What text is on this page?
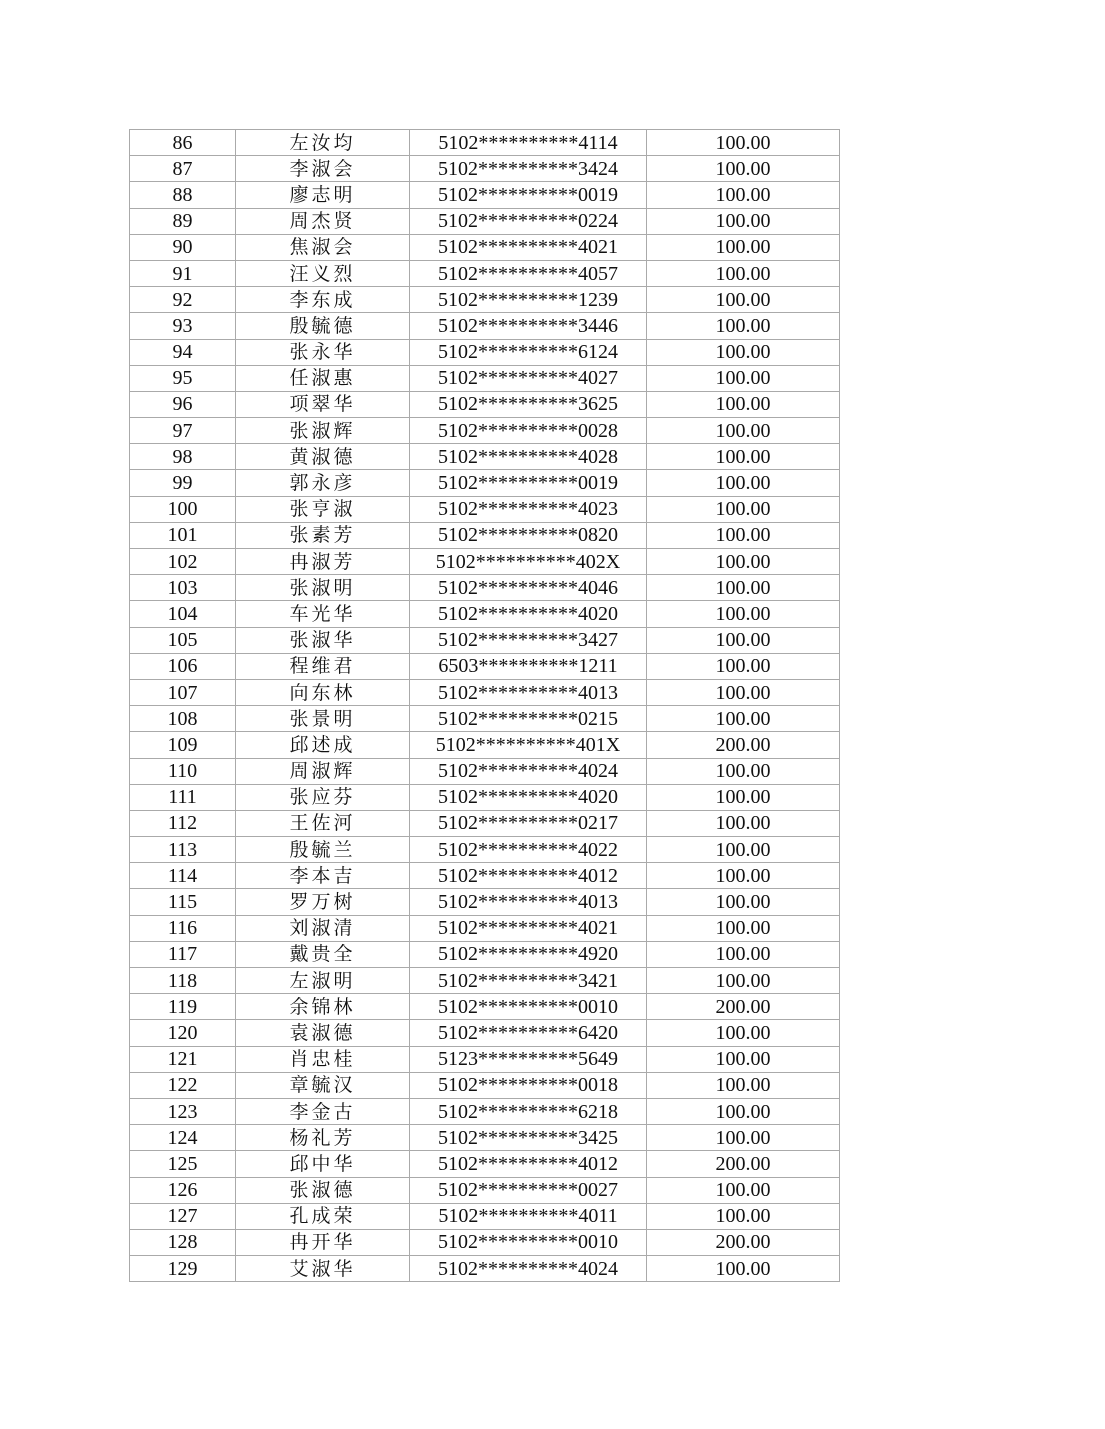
86	左汝均	5102**********4114	100.00
87	李淑会	5102**********3424	100.00
88	廖志明	5102**********0019	100.00
89	周杰贤	5102**********0224	100.00
90	焦淑会	5102**********4021	100.00
91	汪义烈	5102**********4057	100.00
92	李东成	5102**********1239	100.00
93	殷毓德	5102**********3446	100.00
94	张永华	5102**********6124	100.00
95	任淑惠	5102**********4027	100.00
96	项翠华	5102**********3625	100.00
97	张淑辉	5102**********0028	100.00
98	黄淑德	5102**********4028	100.00
99	郭永彦	5102**********0019	100.00
100	张亨淑	5102**********4023	100.00
101	张素芳	5102**********0820	100.00
102	冉淑芳	5102**********402X	100.00
103	张淑明	5102**********4046	100.00
104	车光华	5102**********4020	100.00
105	张淑华	5102**********3427	100.00
106	程维君	6503**********1211	100.00
107	向东林	5102**********4013	100.00
108	张景明	5102**********0215	100.00
109	邱述成	5102**********401X	200.00
110	周淑辉	5102**********4024	100.00
111	张应芬	5102**********4020	100.00
112	王佐河	5102**********0217	100.00
113	殷毓兰	5102**********4022	100.00
114	李本吉	5102**********4012	100.00
115	罗万树	5102**********4013	100.00
116	刘淑清	5102**********4021	100.00
117	戴贵全	5102**********4920	100.00
118	左淑明	5102**********3421	100.00
119	余锦林	5102**********0010	200.00
120	袁淑德	5102**********6420	100.00
121	肖忠桂	5123**********5649	100.00
122	章毓汉	5102**********0018	100.00
123	李金古	5102**********6218	100.00
124	杨礼芳	5102**********3425	100.00
125	邱中华	5102**********4012	200.00
126	张淑德	5102**********0027	100.00
127	孔成荣	5102**********4011	100.00
128	冉开华	5102**********0010	200.00
129	艾淑华	5102**********4024	100.00
